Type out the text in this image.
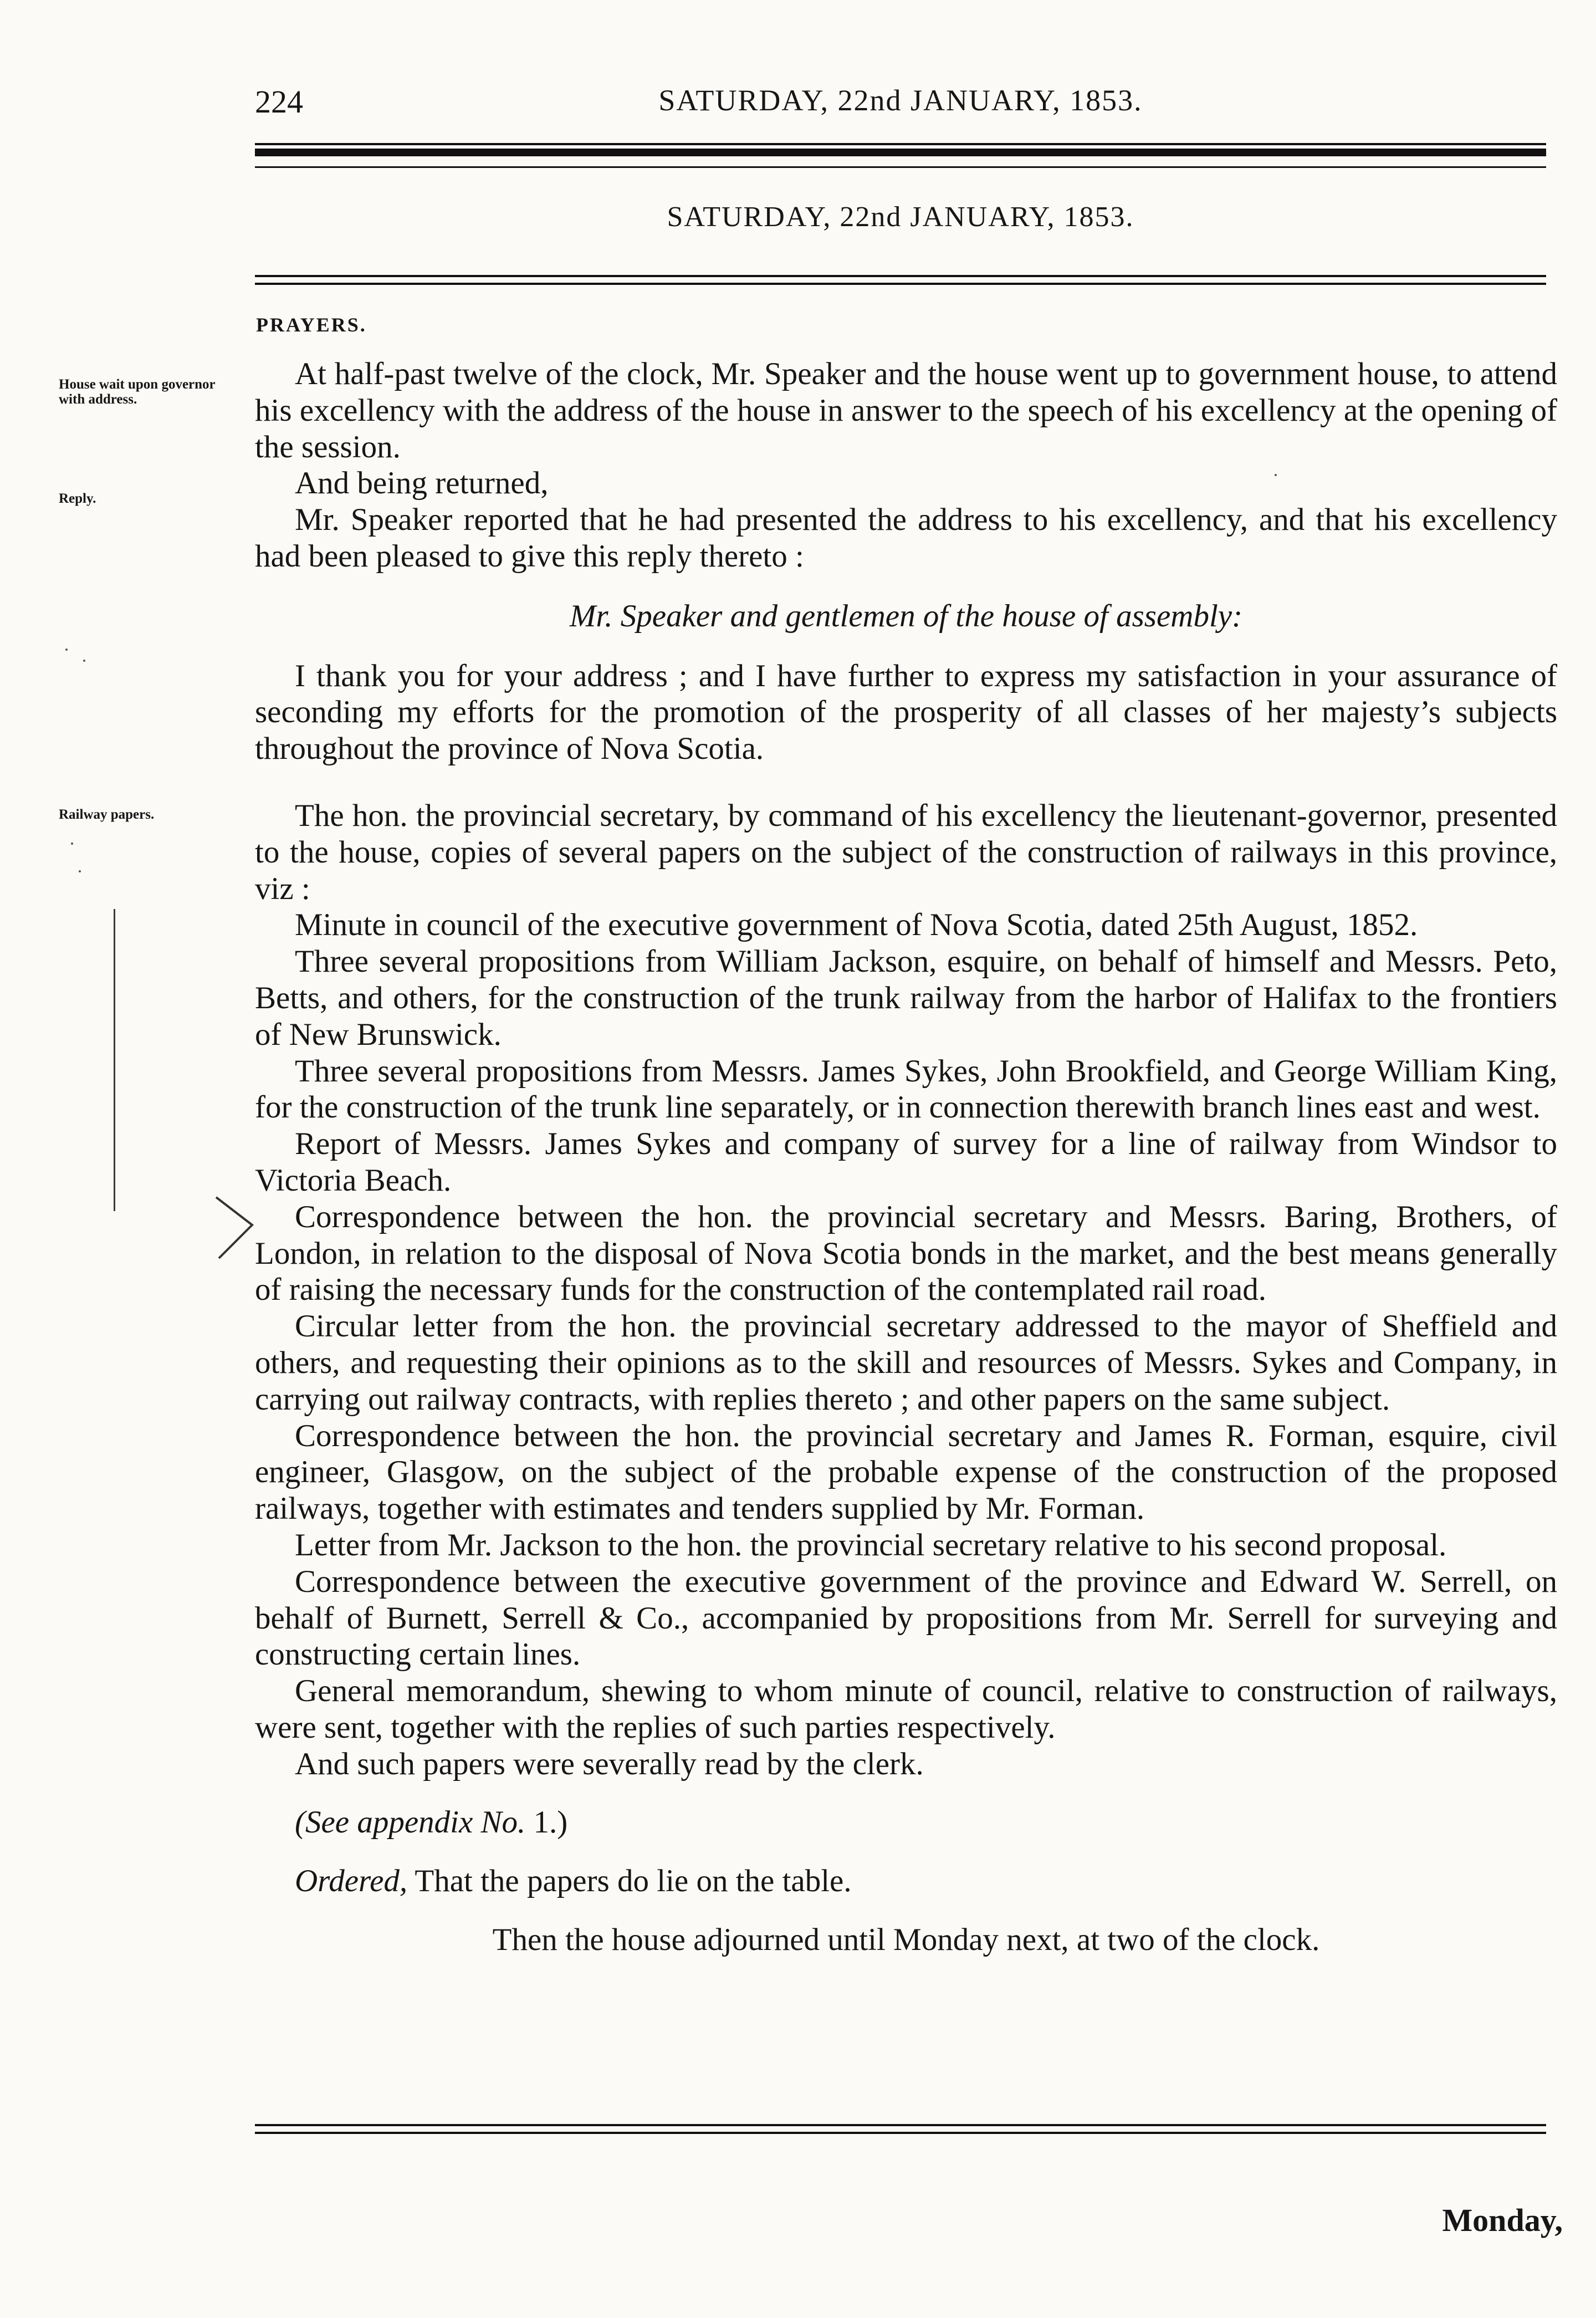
224	SATURDAY, 22nd JANUARY, 1853.
SATURDAY, 22nd JANUARY, 1853.
PRAYERS.
House wait upon governor with address.
Reply.
Railway papers.

At half-past twelve of the clock, Mr. Speaker and the house went up to government house, to attend his excellency with the address of the house in answer to the speech of his excellency at the opening of the session.

And being returned,

Mr. Speaker reported that he had presented the address to his excellency, and that his excellency had been pleased to give this reply thereto :

Mr. Speaker and gentlemen of the house of assembly:

I thank you for your address ; and I have further to express my satisfaction in your assurance of seconding my efforts for the promotion of the prosperity of all classes of her majesty’s subjects throughout the province of Nova Scotia.

The hon. the provincial secretary, by command of his excellency the lieutenant-governor, presented to the house, copies of several papers on the subject of the construction of railways in this province, viz :

Minute in council of the executive government of Nova Scotia, dated 25th August, 1852.

Three several propositions from William Jackson, esquire, on behalf of himself and Messrs. Peto, Betts, and others, for the construction of the trunk railway from the harbor of Halifax to the frontiers of New Brunswick.

Three several propositions from Messrs. James Sykes, John Brookfield, and George William King, for the construction of the trunk line separately, or in connection therewith branch lines east and west.

Report of Messrs. James Sykes and company of survey for a line of railway from Windsor to Victoria Beach.

Correspondence between the hon. the provincial secretary and Messrs. Baring, Brothers, of London, in relation to the disposal of Nova Scotia bonds in the market, and the best means generally of raising the necessary funds for the construction of the contemplated rail road.

Circular letter from the hon. the provincial secretary addressed to the mayor of Sheffield and others, and requesting their opinions as to the skill and resources of Messrs. Sykes and Company, in carrying out railway contracts, with replies thereto ; and other papers on the same subject.

Correspondence between the hon. the provincial secretary and James R. Forman, esquire, civil engineer, Glasgow, on the subject of the probable expense of the construction of the proposed railways, together with estimates and tenders supplied by Mr. Forman.

Letter from Mr. Jackson to the hon. the provincial secretary relative to his second proposal.

Correspondence between the executive government of the province and Edward W. Serrell, on behalf of Burnett, Serrell & Co., accompanied by propositions from Mr. Serrell for surveying and constructing certain lines.

General memorandum, shewing to whom minute of council, relative to construction of railways, were sent, together with the replies of such parties respectively.

And such papers were severally read by the clerk.

(See appendix No. 1.)

Ordered, That the papers do lie on the table.

Then the house adjourned until Monday next, at two of the clock.

Monday,
